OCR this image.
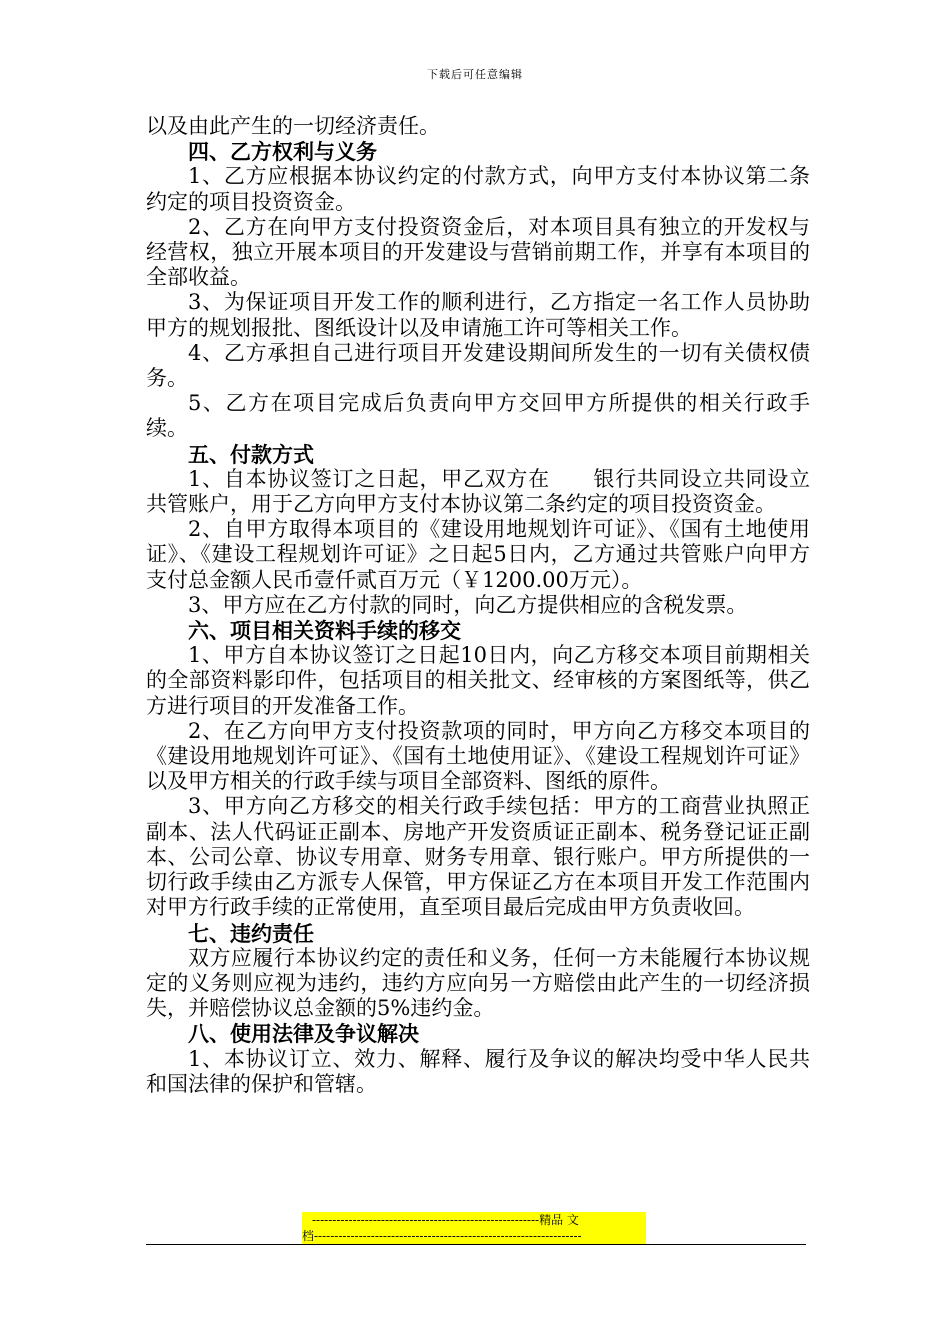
下载后可任意编辑

以及由此产生的一切经济责任。

四、乙方权利与义务

1、乙方应根据本协议约定的付款方式，向甲方支付本协议第二条约定的项目投资资金。

2、乙方在向甲方支付投资资金后，对本项目具有独立的开发权与经营权，独立开展本项目的开发建设与营销前期工作，并享有本项目的全部收益。

3、为保证项目开发工作的顺利进行，乙方指定一名工作人员协助甲方的规划报批、图纸设计以及申请施工许可等相关工作。

4、乙方承担自己进行项目开发建设期间所发生的一切有关债权债务。

5、乙方在项目完成后负责向甲方交回甲方所提供的相关行政手续。

五、付款方式

1、自本协议签订之日起，甲乙双方在　　银行共同设立共同设立共管账户，用于乙方向甲方支付本协议第二条约定的项目投资资金。

2、自甲方取得本项目的《建设用地规划许可证》、《国有土地使用证》、《建设工程规划许可证》之日起5日内，乙方通过共管账户向甲方支付总金额人民币壹仟贰百万元（￥1200.00万元）。

3、甲方应在乙方付款的同时，向乙方提供相应的含税发票。

六、项目相关资料手续的移交

1、甲方自本协议签订之日起10日内，向乙方移交本项目前期相关的全部资料影印件，包括项目的相关批文、经审核的方案图纸等，供乙方进行项目的开发准备工作。

2、在乙方向甲方支付投资款项的同时，甲方向乙方移交本项目的《建设用地规划许可证》、《国有土地使用证》、《建设工程规划许可证》以及甲方相关的行政手续与项目全部资料、图纸的原件。

3、甲方向乙方移交的相关行政手续包括：甲方的工商营业执照正副本、法人代码证正副本、房地产开发资质证正副本、税务登记证正副本、公司公章、协议专用章、财务专用章、银行账户。甲方所提供的一切行政手续由乙方派专人保管，甲方保证乙方在本项目开发工作范围内对甲方行政手续的正常使用，直至项目最后完成由甲方负责收回。

七、违约责任

双方应履行本协议约定的责任和义务，任何一方未能履行本协议规定的义务则应视为违约，违约方应向另一方赔偿由此产生的一切经济损失，并赔偿协议总金额的5%违约金。

八、使用法律及争议解决

1、本协议订立、效力、解释、履行及争议的解决均受中华人民共和国法律的保护和管辖。

--------------------------------------------------------精品 文
档------------------------------------------------------------------
